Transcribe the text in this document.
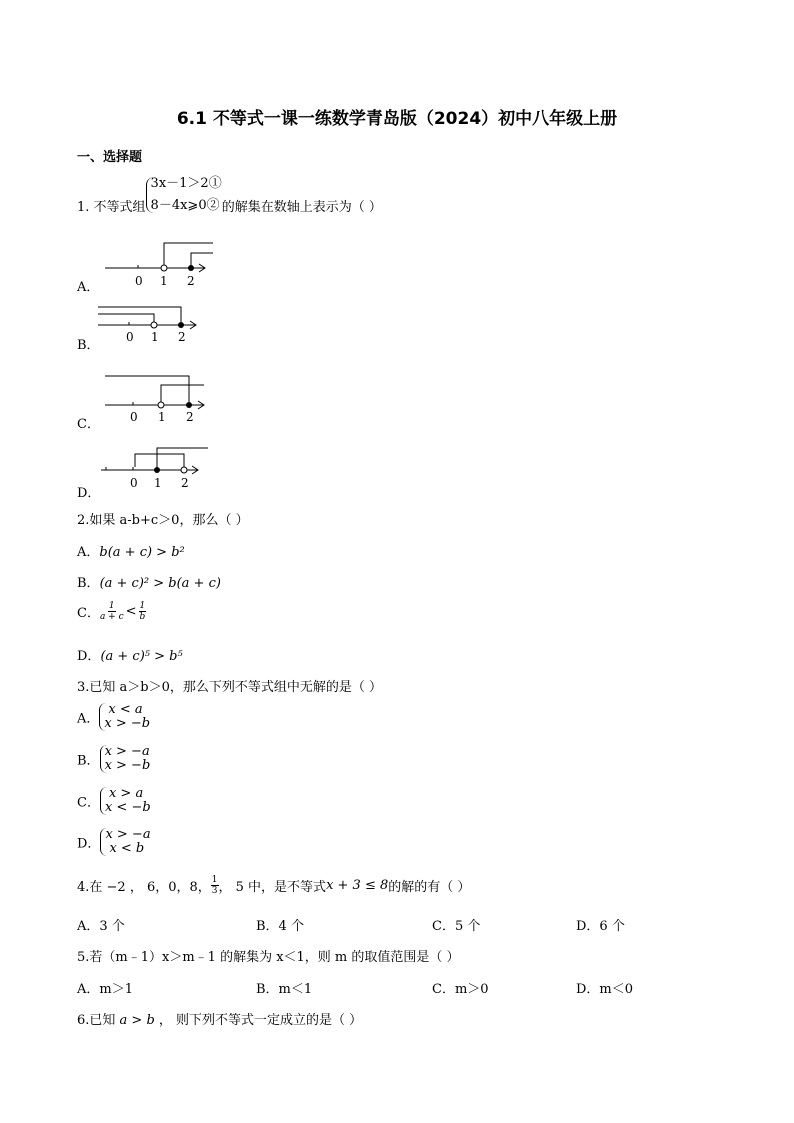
6.1 不等式一课一练数学青岛版（2024）初中八年级上册
一、选择题
1. 不等式组
3x－1＞2①
8－4x⩾0② 的解集在数轴上表示为（ ）
A．	0 1 2
B．
0 1 2
C．	0 1 2
D．
0 1 2
2.如果 a-b+c＞0，那么（ ）
A．b(a + c) > b²
B．(a + c)² > b(a + c)
C． $\frac{1}{a + c} < \frac{1}{b}$
D．(a + c)⁵ > b⁵
3.已知 a＞b＞0，那么下列不等式组中无解的是（ ）
A．
x < a
x > −b
B．
x > −a
x > −b
C．
x > a
x < −b
D．
x > −a
x < b
4.在 −2 ， 6，0，8， $\frac{1}{3}$ ， 5 中，是不等式x + 3 ≤ 8的解的有（ ）
A．3 个	B．4 个	C．5 个	D．6 个
5.若（m﹣1）x＞m﹣1 的解集为 x＜1，则 m 的取值范围是（ ）
A．m＞1	B．m＜1	C．m＞0	D．m＜0
6.已知 a > b ， 则下列不等式一定成立的是（ ）
